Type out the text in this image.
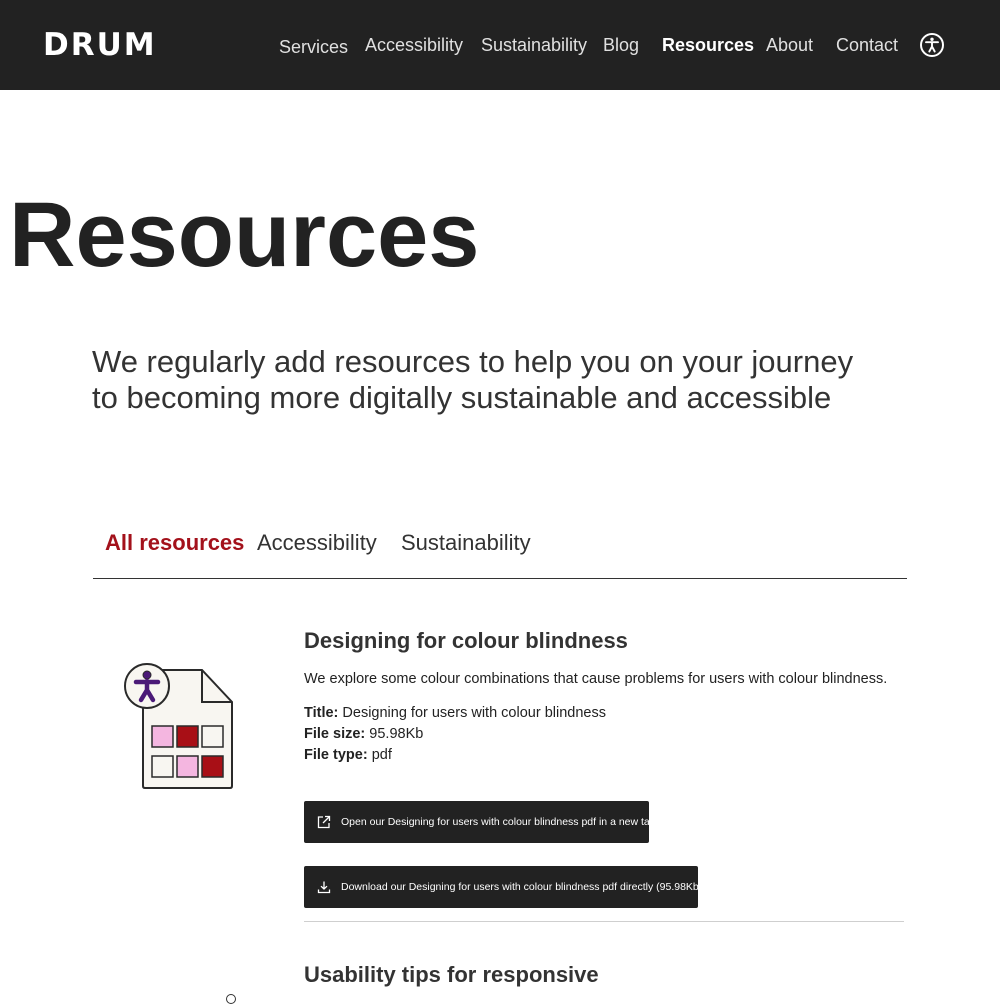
DRUM	Services Accessibility Sustainability Blog Resources About Contact
Resources

We regularly add resources to help you on your journey to becoming more digitally sustainable and accessible

All resources Accessibility Sustainability
Designing for colour blindness

We explore some colour combinations that cause problems for users with colour blindness.

Title: Designing for users with colour blindness
File size: 95.98Kb
File type: pdf
Open our Designing for users with colour blindness pdf in a new tab
Download our Designing for users with colour blindness pdf directly (95.98Kb)
Usability tips for responsive
